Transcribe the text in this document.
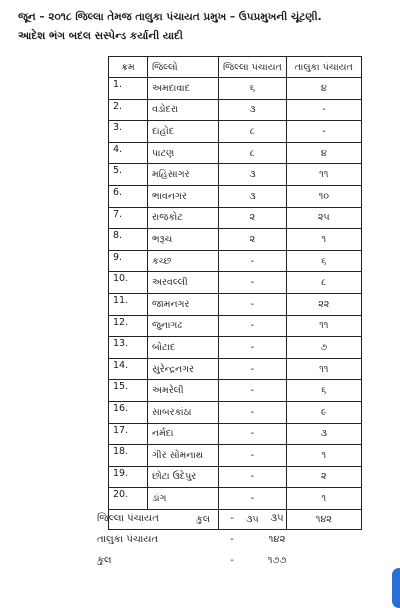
જૂન – ૨૦૧૮ જિલ્લા તેમજ તાલુકા પંચાયત પ્રમુખ – ઉપપ્રમુખની ચૂંટણી.
આદેશ ભંગ બદલ સસ્પેન્ડ કર્યાની યાદી
ક્રમ	જિલ્લો	જિલ્લા પંચાયત	તાલુકા પંચાયત
1.	અમદાવાદ	૬	૪
2.	વડોદરા	૩	-
3.	દાહોદ	૮	-
4.	પાટણ	૮	૪
5.	મહિસાગર	૩	૧૧
6.	ભાવનગર	૩	૧૦
7.	રાજકોટ	૨	૨૫
8.	ભરૂચ	૨	૧
9.	કચ્છ	-	૬
10.	અરવલ્લી	-	૮
11.	જામનગર	-	૨૨
12.	જુનાગઢ	-	૧૧
13.	બોટાદ	-	૭
14.	સુરેન્દ્રનગર	-	૧૧
15.	અમરેલી	-	૬
16.	સાબરકાંઠા	-	૯
17.	નર્મદા	-	૩
18.	ગીર સોમનાથ	-	૧
19.	છોટા ઉદેપુર	-	૨
20.	ડાંગ	-	૧
કુલ		૩૫	૧૪૨
જિલ્લા પંચાયત	-	૩૫
તાલુકા પંચાયત	-	૧૪૨
કુલ	-	૧૭૭
